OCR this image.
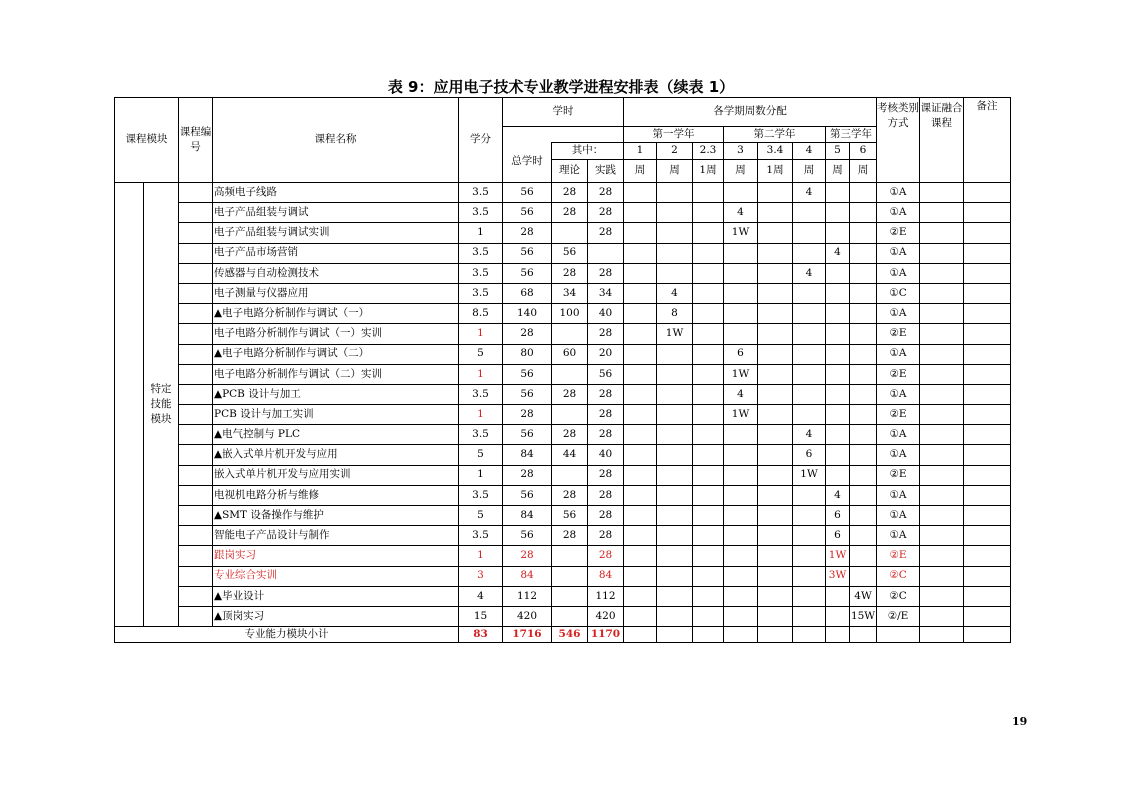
表 9：应用电子技术专业教学进程安排表（续表 1）
课程模块		课程编号	课程名称	学分	学时			各学期周数分配								考核类别方式	课证融合课程	备注
								第一学年			第二学年			第三学年				
					总学时	其中：		1	2	2.3	3	3.4	4	5	6			
						理论	实践	周	周	1周	周	1周	周	周	周			
	特定技能模块		高频电子线路	3.5	56	28	28						4			①A		
			电子产品组装与调试	3.5	56	28	28				4					①A		
			电子产品组装与调试实训	1	28		28				1W					②E		
			电子产品市场营销	3.5	56	56								4		①A		
			传感器与自动检测技术	3.5	56	28	28						4			①A		
			电子测量与仪器应用	3.5	68	34	34		4							①C		
			▲电子电路分析制作与调试（一）	8.5	140	100	40		8							①A		
			电子电路分析制作与调试（一）实训	1	28		28		1W							②E		
			▲电子电路分析制作与调试（二）	5	80	60	20				6					①A		
			电子电路分析制作与调试（二）实训	1	56		56				1W					②E		
			▲PCB 设计与加工	3.5	56	28	28				4					①A		
			PCB 设计与加工实训	1	28		28				1W					②E		
			▲电气控制与 PLC	3.5	56	28	28						4			①A		
			▲嵌入式单片机开发与应用	5	84	44	40						6			①A		
			嵌入式单片机开发与应用实训	1	28		28						1W			②E		
			电视机电路分析与维修	3.5	56	28	28							4		①A		
			▲SMT 设备操作与维护	5	84	56	28							6		①A		
			智能电子产品设计与制作	3.5	56	28	28							6		①A		
			跟岗实习	1	28		28							1W		②E		
			专业综合实训	3	84		84							3W		②C		
			▲毕业设计	4	112		112								4W	②C		
			▲顶岗实习	15	420		420								15W	②/E		
专业能力模块小计				83	1716	546	1170											
19
